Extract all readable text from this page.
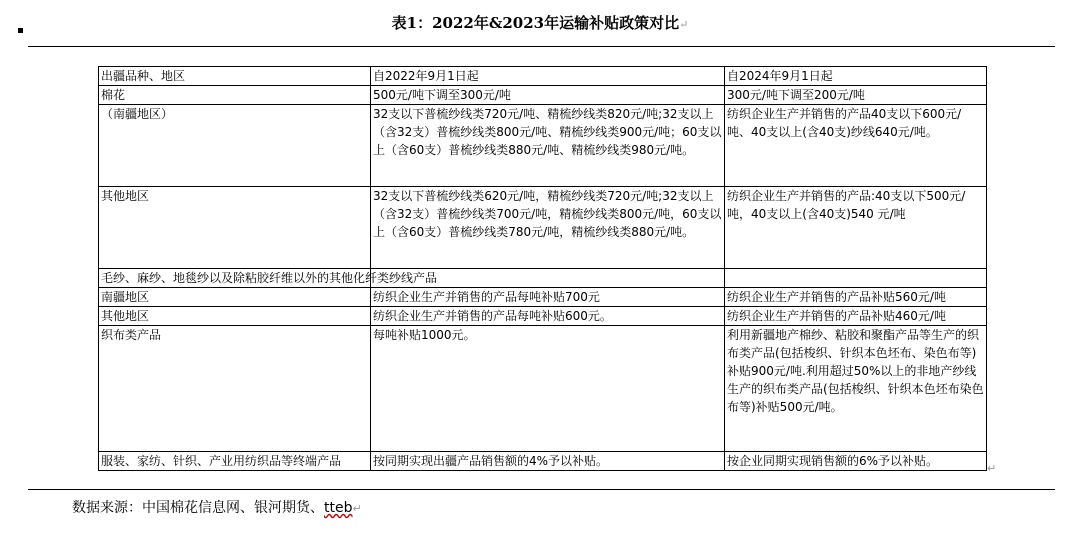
表1：2022年&2023年运输补贴政策对比↵
出疆品种、地区	自2022年9月1日起	自2024年9月1日起
棉花	500元/吨下调至300元/吨	300元/吨下调至200元/吨
（南疆地区）	32支以下普梳纱线类720元/吨、精梳纱线类820元/吨;32支以上（含32支）普梳纱线类800元/吨、精梳纱线类900元/吨；60支以上（含60支）普梳纱线类880元/吨、精梳纱线类980元/吨。	纺织企业生产并销售的产品40支以下600元/吨、40支以上(含40支)纱线640元/吨。
其他地区	32支以下普梳纱线类620元/吨，精梳纱线类720元/吨;32支以上（含32支）普梳纱线类700元/吨，精梳纱线类800元/吨，60支以上（含60支）普梳纱线类780元/吨，精梳纱线类880元/吨。	纺织企业生产并销售的产品:40支以下500元/吨，40支以上(含40支)540 元/吨
毛纱、麻纱、地毯纱以及除粘胶纤维以外的其他化纤类纱线产品		
南疆地区	纺织企业生产并销售的产品每吨补贴700元	纺织企业生产并销售的产品补贴560元/吨
其他地区	纺织企业生产并销售的产品每吨补贴600元。	纺织企业生产并销售的产品补贴460元/吨
织布类产品	每吨补贴1000元。	利用新疆地产棉纱、粘胶和聚酯产品等生产的织布类产品(包括梭织、针织本色坯布、染色布等)补贴900元/吨.利用超过50%以上的非地产纱线生产的织布类产品(包括梭织、针织本色坯布染色布等)补贴500元/吨。
服装、家纺、针织、产业用纺织品等终端产品	按同期实现出疆产品销售额的4%予以补贴。	按企业同期实现销售额的6%予以补贴。
↵
数据来源：中国棉花信息网、银河期货、tteb↵
